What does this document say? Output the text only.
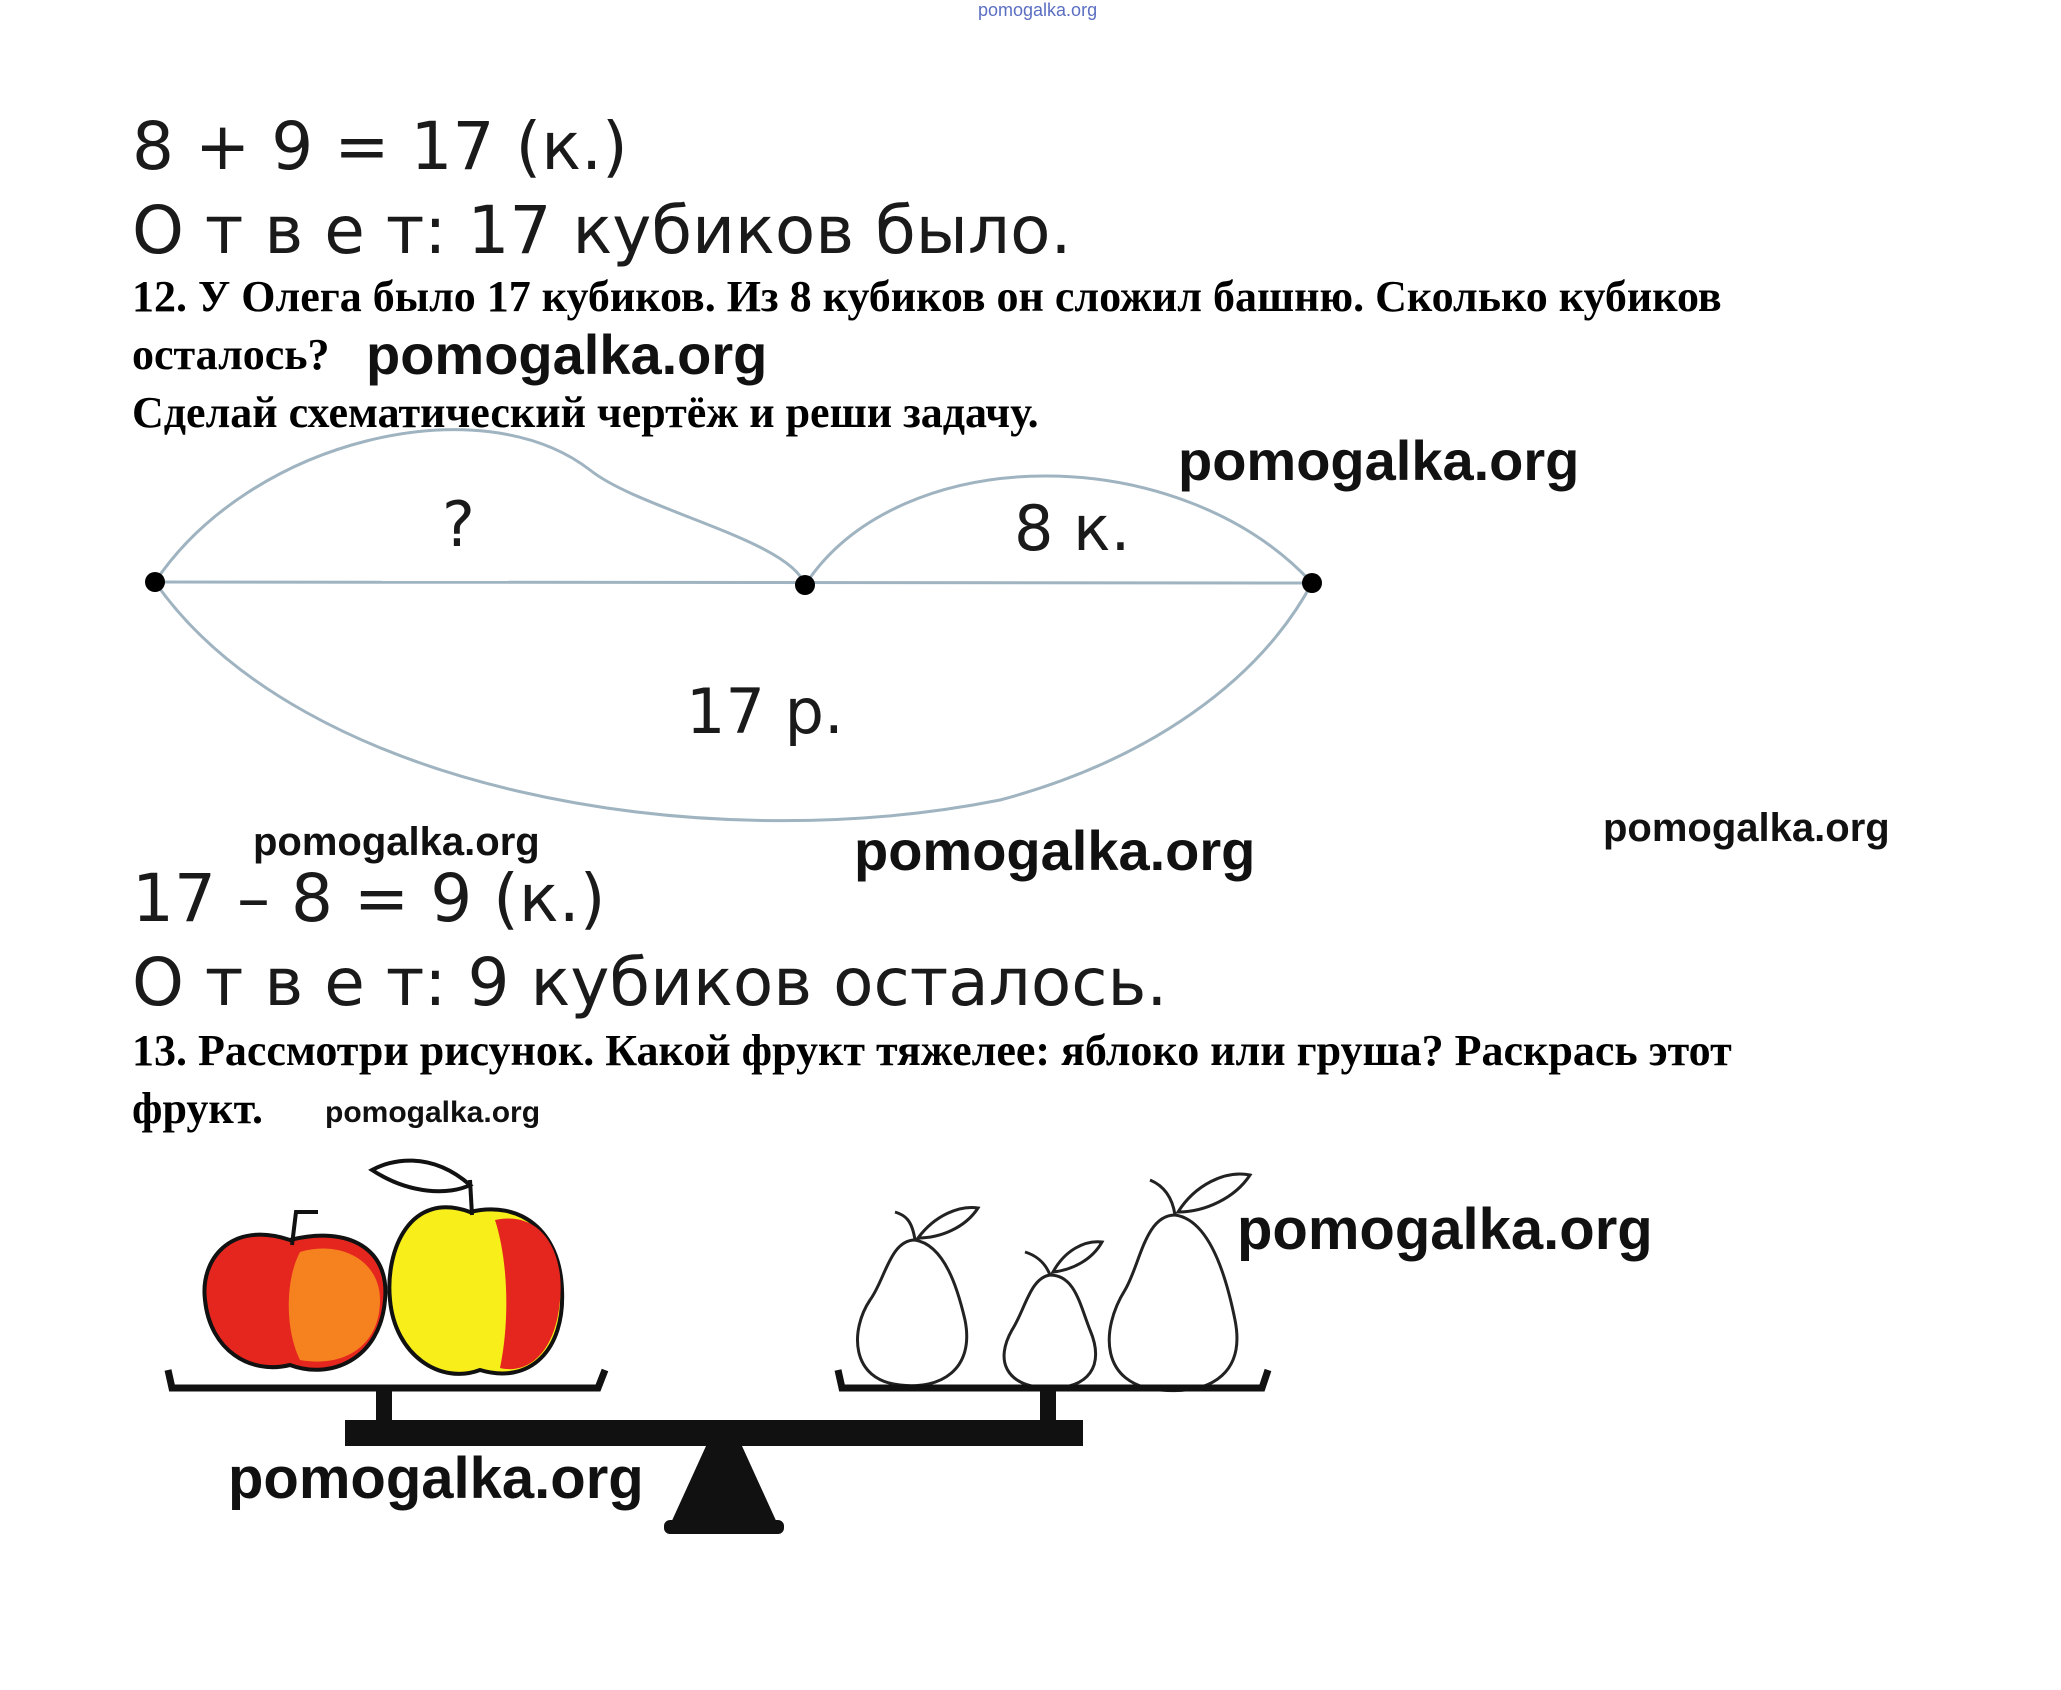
pomogalka.org
8 + 9 = 17 (к.)
О т в е т: 17 кубиков было.
12. У Олега было 17 кубиков. Из 8 кубиков он сложил башню. Сколько кубиков
осталось? pomogalka.org
Сделай схематический чертёж и реши задачу.
pomogalka.org
?	8 к.
17 р.
pomogalka.org	pomogalka.org	pomogalka.org
17 – 8 = 9 (к.)
О т в е т: 9 кубиков осталось.
13. Рассмотри рисунок. Какой фрукт тяжелее: яблоко или груша? Раскрась этот
фрукт. pomogalka.org
pomogalka.org
pomogalka.org
